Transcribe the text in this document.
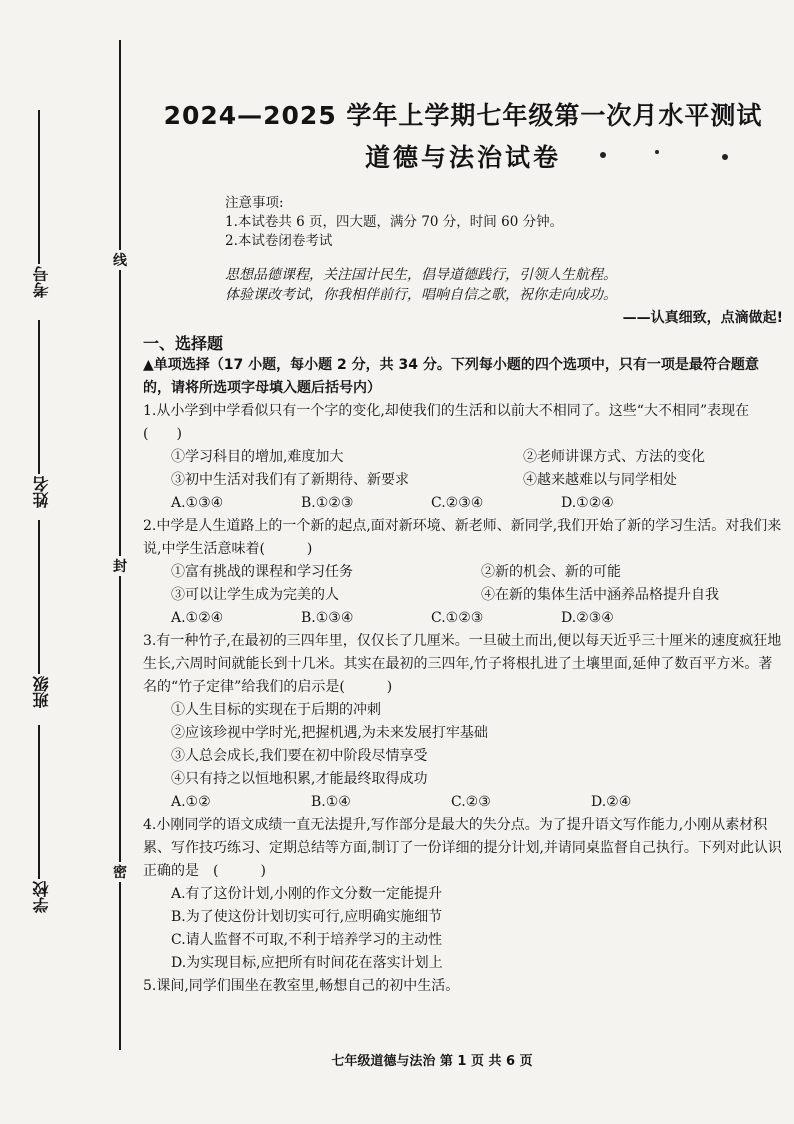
线
封
密
考号
姓名
班级
学校
2024—2025 学年上学期七年级第一次月水平测试
道德与法治试卷
注意事项:
1.本试卷共 6 页，四大题，满分 70 分，时间 60 分钟。
2.本试卷闭卷考试
思想品德课程，关注国计民生，倡导道德践行，引领人生航程。
体验课改考试，你我相伴前行，唱响自信之歌，祝你走向成功。
——认真细致，点滴做起!
一、选择题
▲单项选择（17 小题，每小题 2 分，共 34 分。下列每小题的四个选项中，只有一项是最符合题意的，请将所选项字母填入题后括号内）
1.从小学到中学看似只有一个字的变化,却使我们的生活和以前大不相同了。这些“大不相同”表现在　　(　　)
①学习科目的增加,难度加大	②老师讲课方式、方法的变化
③初中生活对我们有了新期待、新要求	④越来越难以与同学相处
A.①③④	B.①②③	C.②③④	D.①②④
2.中学是人生道路上的一个新的起点,面对新环境、新老师、新同学,我们开始了新的学习生活。对我们来说,中学生活意味着(　　　)
①富有挑战的课程和学习任务	②新的机会、新的可能
③可以让学生成为完美的人	④在新的集体生活中涵养品格提升自我
A.①②④	B.①③④	C.①②③	D.②③④
3.有一种竹子,在最初的三四年里，仅仅长了几厘米。一旦破土而出,便以每天近乎三十厘米的速度疯狂地生长,六周时间就能长到十几米。其实在最初的三四年,竹子将根扎进了土壤里面,延伸了数百平方米。著名的“竹子定律”给我们的启示是(　　　)
①人生目标的实现在于后期的冲刺
②应该珍视中学时光,把握机遇,为未来发展打牢基础
③人总会成长,我们要在初中阶段尽情享受
④只有持之以恒地积累,才能最终取得成功
A.①②	B.①④	C.②③	D.②④
4.小刚同学的语文成绩一直无法提升,写作部分是最大的失分点。为了提升语文写作能力,小刚从素材积累、写作技巧练习、定期总结等方面,制订了一份详细的提分计划,并请同桌监督自己执行。下列对此认识正确的是　(　　　)
A.有了这份计划,小刚的作文分数一定能提升
B.为了使这份计划切实可行,应明确实施细节
C.请人监督不可取,不利于培养学习的主动性
D.为实现目标,应把所有时间花在落实计划上
5.课间,同学们围坐在教室里,畅想自己的初中生活。
七年级道德与法治 第 1 页 共 6 页
